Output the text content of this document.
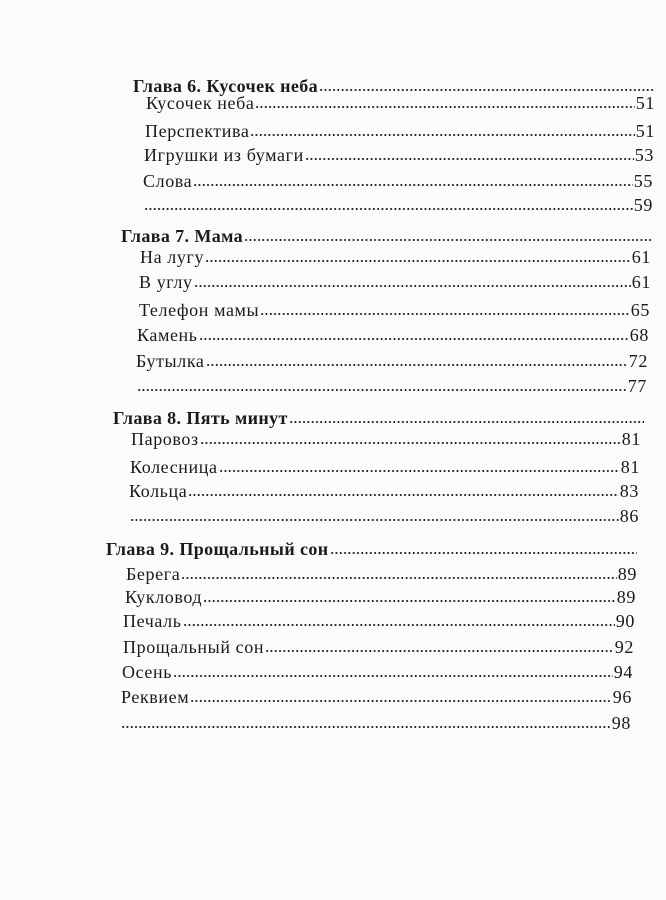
Глава 6. Кусочек неба
Кусочек неба	51
Перспектива	51
Игрушки из бумаги	53
Слова	55
59
Глава 7. Мама
На лугу	61
В углу	61
Телефон мамы	65
Камень	68
Бутылка	72
77
Глава 8. Пять минут
Паровоз	81
Колесница	81
Кольца	83
86
Глава 9. Прощальный сон
Берега	89
Кукловод	89
Печаль	90
Прощальный сон	92
Осень	94
Реквием	96
98
